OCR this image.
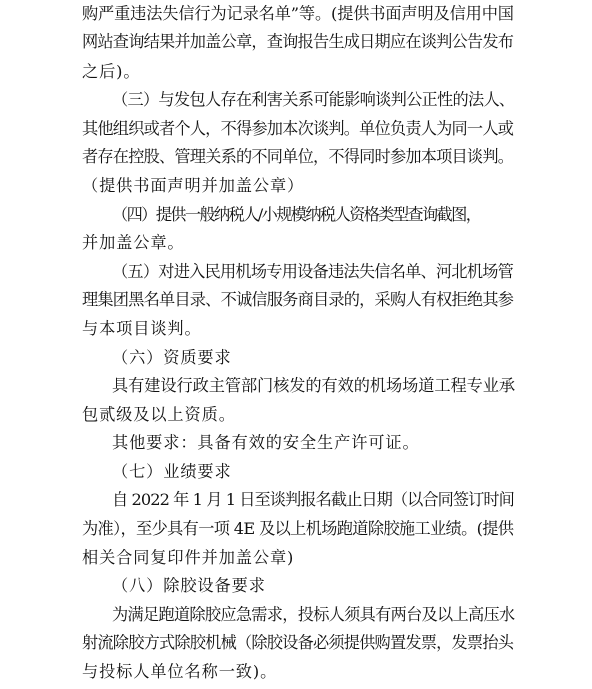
购严重违法失信行为记录名单”等。(提供书面声明及信用中国
网站查询结果并加盖公章，查询报告生成日期应在谈判公告发布
之后)。
（三）与发包人存在利害关系可能影响谈判公正性的法人、
其他组织或者个人，不得参加本次谈判。单位负责人为同一人或
者存在控股、管理关系的不同单位，不得同时参加本项目谈判。
（提供书面声明并加盖公章）
（四）提供一般纳税人/小规模纳税人资格类型查询截图，
并加盖公章。
（五）对进入民用机场专用设备违法失信名单、河北机场管
理集团黑名单目录、不诚信服务商目录的，采购人有权拒绝其参
与本项目谈判。
（六）资质要求
具有建设行政主管部门核发的有效的机场场道工程专业承
包贰级及以上资质。
其他要求：具备有效的安全生产许可证。
（七）业绩要求
自 2022 年 1 月 1 日至谈判报名截止日期（以合同签订时间
为准），至少具有一项 4E 及以上机场跑道除胶施工业绩。(提供
相关合同复印件并加盖公章)
（八）除胶设备要求
为满足跑道除胶应急需求，投标人须具有两台及以上高压水
射流除胶方式除胶机械（除胶设备必须提供购置发票，发票抬头
与投标人单位名称一致)。
